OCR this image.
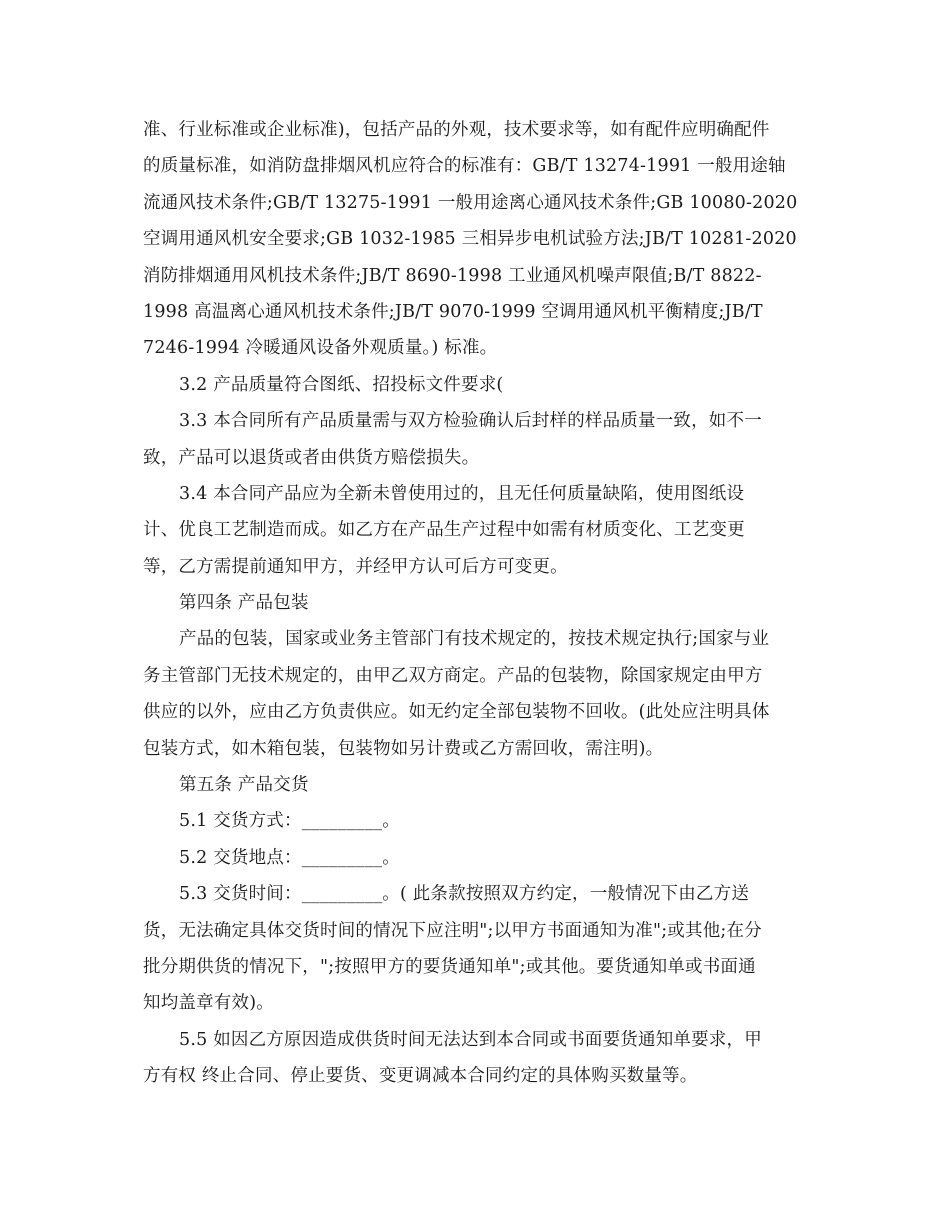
准、行业标准或企业标准)，包括产品的外观，技术要求等，如有配件应明确配件
的质量标准，如消防盘排烟风机应符合的标准有：GB/T 13274-1991 一般用途轴
流通风技术条件;GB/T 13275-1991 一般用途离心通风技术条件;GB 10080-2020
空调用通风机安全要求;GB 1032-1985 三相异步电机试验方法;JB/T 10281-2020
消防排烟通用风机技术条件;JB/T 8690-1998 工业通风机噪声限值;B/T 8822-
1998 高温离心通风机技术条件;JB/T 9070-1999 空调用通风机平衡精度;JB/T
7246-1994 冷暖通风设备外观质量。) 标准。
3.2 产品质量符合图纸、招投标文件要求(
3.3 本合同所有产品质量需与双方检验确认后封样的样品质量一致，如不一
致，产品可以退货或者由供货方赔偿损失。
3.4 本合同产品应为全新未曾使用过的，且无任何质量缺陷，使用图纸设
计、优良工艺制造而成。如乙方在产品生产过程中如需有材质变化、工艺变更
等，乙方需提前通知甲方，并经甲方认可后方可变更。
第四条 产品包装
产品的包装，国家或业务主管部门有技术规定的，按技术规定执行;国家与业
务主管部门无技术规定的，由甲乙双方商定。产品的包装物，除国家规定由甲方
供应的以外，应由乙方负责供应。如无约定全部包装物不回收。(此处应注明具体
包装方式，如木箱包装，包装物如另计费或乙方需回收，需注明)。
第五条 产品交货
5.1 交货方式：_________。
5.2 交货地点：_________。
5.3 交货时间：_________。( 此条款按照双方约定，一般情况下由乙方送
货，无法确定具体交货时间的情况下应注明";以甲方书面通知为准";或其他;在分
批分期供货的情况下，";按照甲方的要货通知单";或其他。要货通知单或书面通
知均盖章有效)。
5.5 如因乙方原因造成供货时间无法达到本合同或书面要货通知单要求，甲
方有权 终止合同、停止要货、变更调减本合同约定的具体购买数量等。
